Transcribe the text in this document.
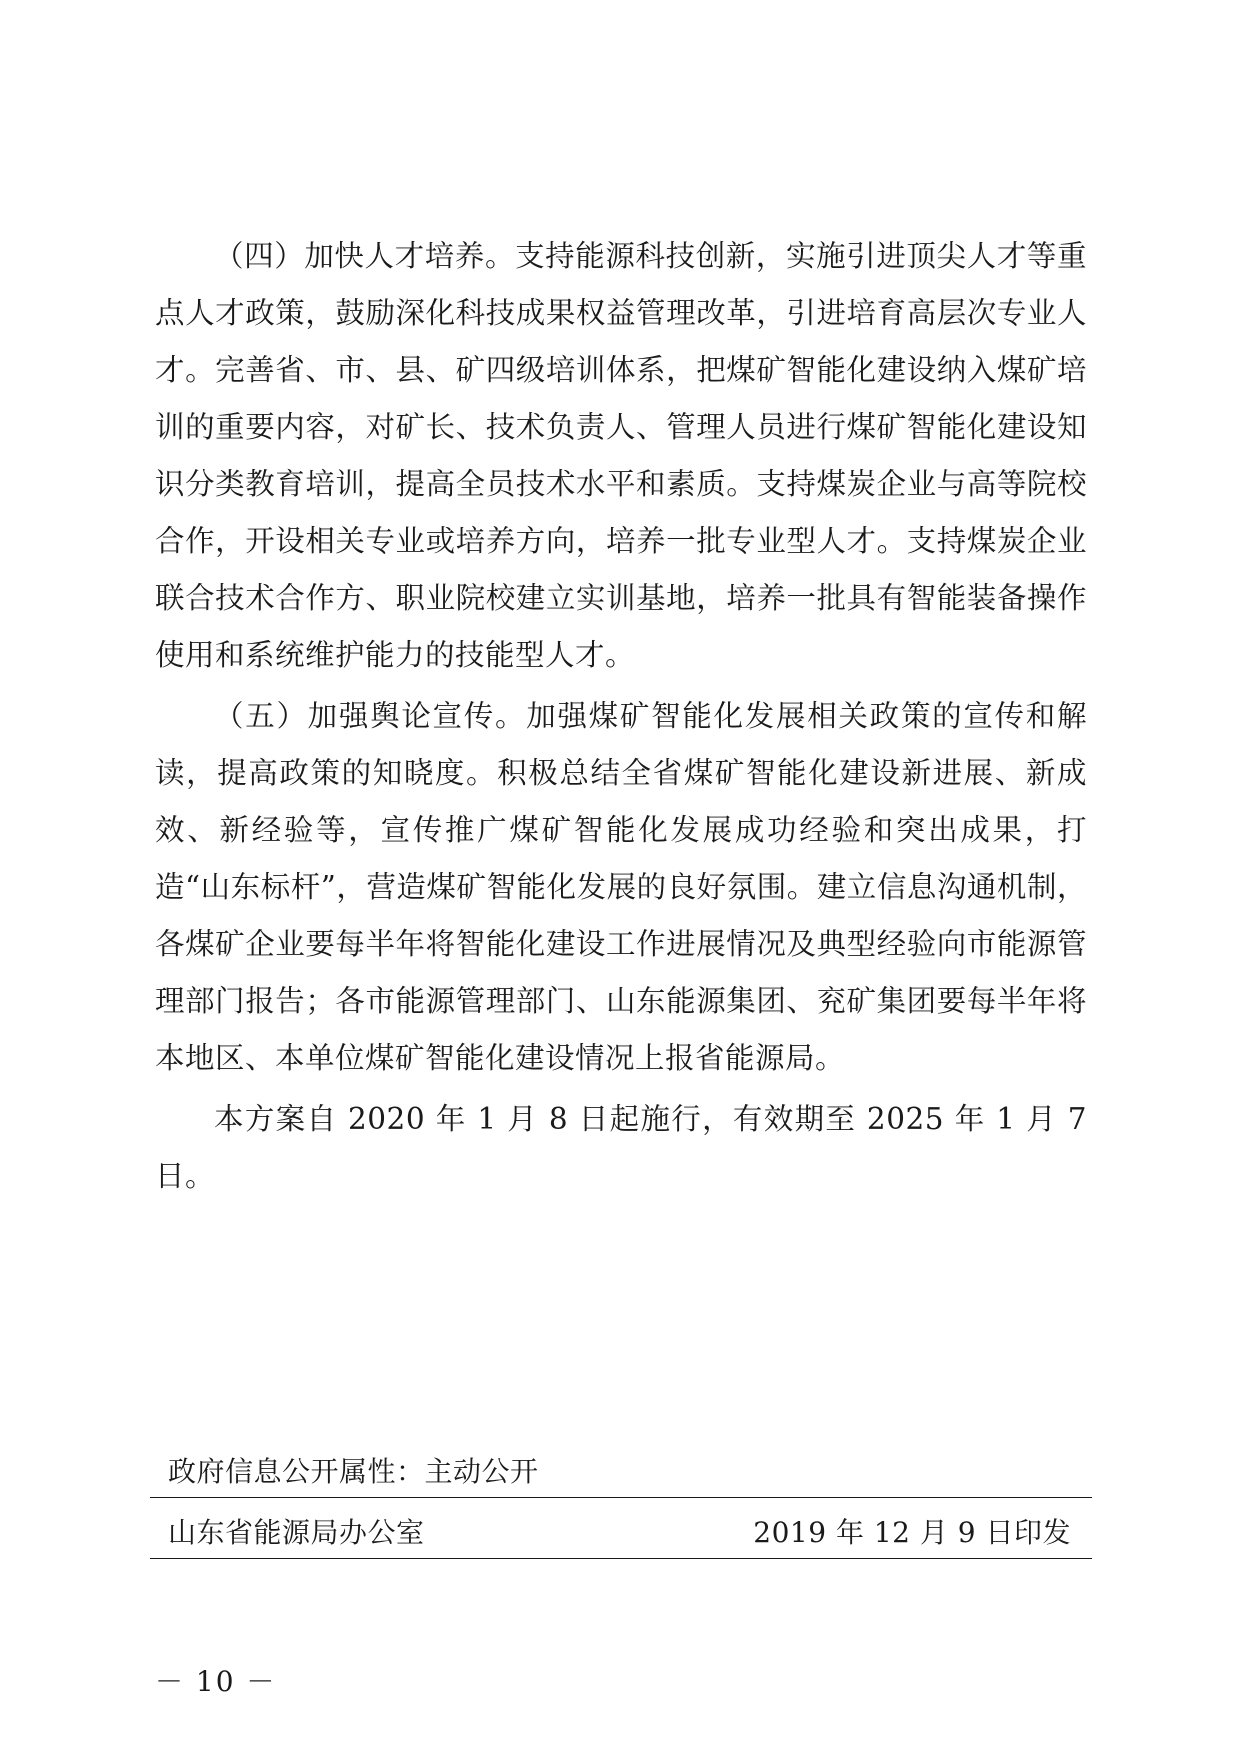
（四）加快人才培养。支持能源科技创新，实施引进顶尖人才等重点人才政策，鼓励深化科技成果权益管理改革，引进培育高层次专业人才。完善省、市、县、矿四级培训体系，把煤矿智能化建设纳入煤矿培训的重要内容，对矿长、技术负责人、管理人员进行煤矿智能化建设知识分类教育培训，提高全员技术水平和素质。支持煤炭企业与高等院校合作，开设相关专业或培养方向，培养一批专业型人才。支持煤炭企业联合技术合作方、职业院校建立实训基地，培养一批具有智能装备操作使用和系统维护能力的技能型人才。

（五）加强舆论宣传。加强煤矿智能化发展相关政策的宣传和解读，提高政策的知晓度。积极总结全省煤矿智能化建设新进展、新成效、新经验等，宣传推广煤矿智能化发展成功经验和突出成果，打造“山东标杆”，营造煤矿智能化发展的良好氛围。建立信息沟通机制，各煤矿企业要每半年将智能化建设工作进展情况及典型经验向市能源管理部门报告；各市能源管理部门、山东能源集团、兖矿集团要每半年将本地区、本单位煤矿智能化建设情况上报省能源局。

本方案自 2020 年 1 月 8 日起施行，有效期至 2025 年 1 月 7 日。

政府信息公开属性：主动公开
山东省能源局办公室	2019 年 12 月 9 日印发
－ 10 －
